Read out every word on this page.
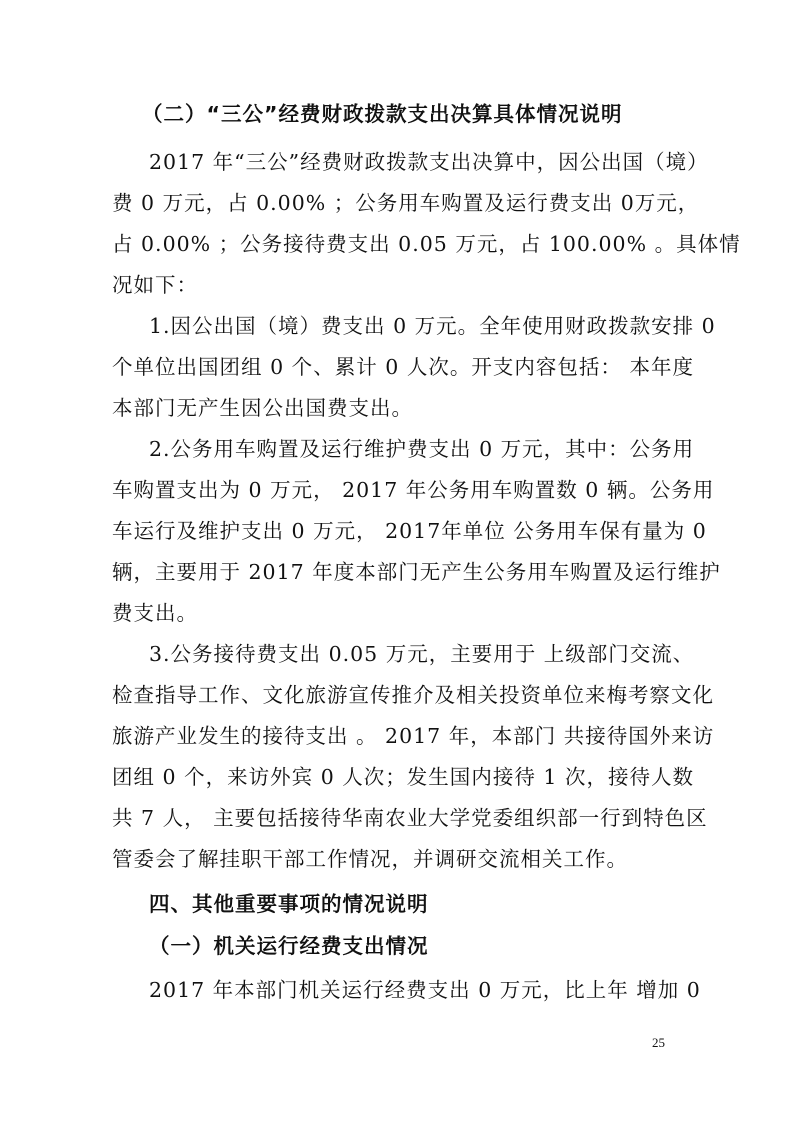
（二）“三公”经费财政拨款支出决算具体情况说明
2017 年“三公”经费财政拨款支出决算中，因公出国（境）
费 0 万元，占 0.00% ；公务用车购置及运行费支出 0万元，
占 0.00% ；公务接待费支出 0.05 万元，占 100.00% 。具体情
况如下：
1.因公出国（境）费支出 0 万元。全年使用财政拨款安排 0
个单位出国团组 0 个、累计 0 人次。开支内容包括： 本年度
本部门无产生因公出国费支出。
2.公务用车购置及运行维护费支出 0 万元，其中：公务用
车购置支出为 0 万元， 2017 年公务用车购置数 0 辆。公务用
车运行及维护支出 0 万元， 2017年单位 公务用车保有量为 0
辆，主要用于 2017 年度本部门无产生公务用车购置及运行维护
费支出。
3.公务接待费支出 0.05 万元，主要用于 上级部门交流、
检查指导工作、文化旅游宣传推介及相关投资单位来梅考察文化
旅游产业发生的接待支出 。 2017 年，本部门 共接待国外来访
团组 0 个，来访外宾 0 人次；发生国内接待 1 次，接待人数
共 7 人， 主要包括接待华南农业大学党委组织部一行到特色区
管委会了解挂职干部工作情况，并调研交流相关工作。
四、其他重要事项的情况说明
（一）机关运行经费支出情况
2017 年本部门机关运行经费支出 0 万元，比上年 增加 0
25
